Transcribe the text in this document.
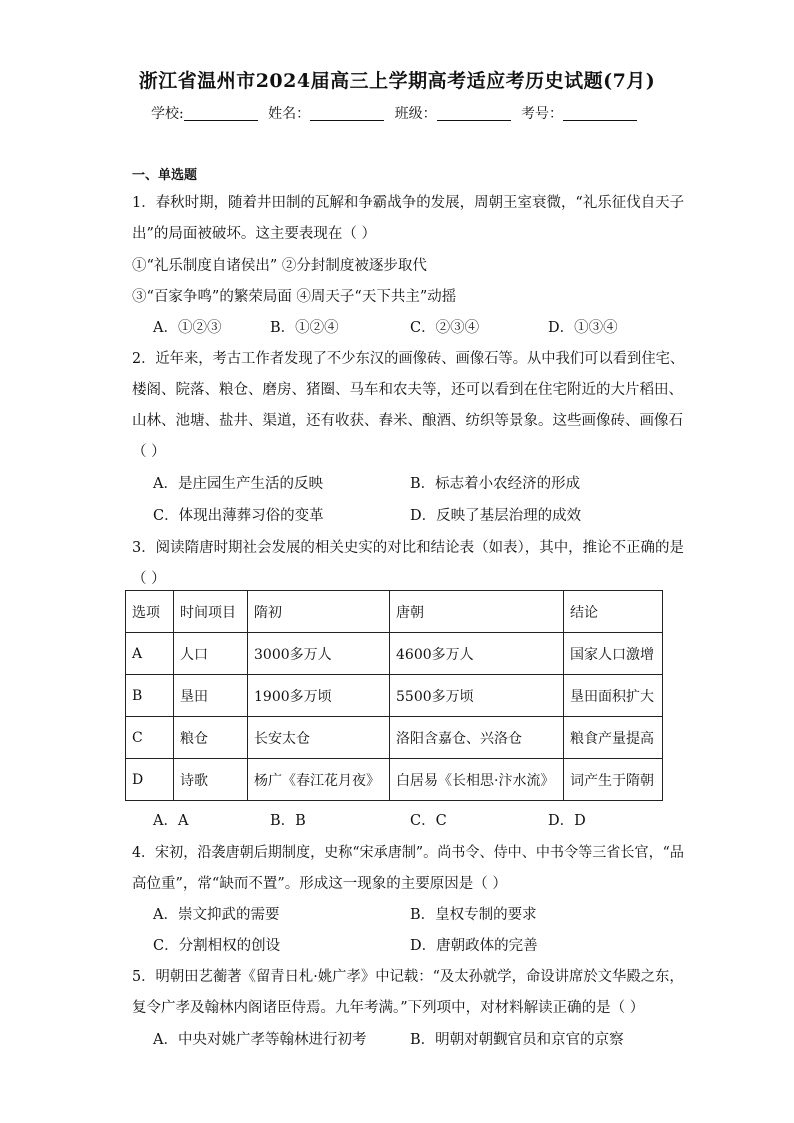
浙江省温州市2024届高三上学期高考适应考历史试题(7月)
学校:	姓名：	班级：	考号：
一、单选题
1．春秋时期，随着井田制的瓦解和争霸战争的发展，周朝王室衰微，“礼乐征伐自天子
出”的局面被破坏。这主要表现在（ ）
①“礼乐制度自诸侯出” ②分封制度被逐步取代
③“百家争鸣”的繁荣局面 ④周天子“天下共主”动摇
A．①②③	B．①②④	C．②③④	D．①③④
2．近年来，考古工作者发现了不少东汉的画像砖、画像石等。从中我们可以看到住宅、
楼阁、院落、粮仓、磨房、猪圈、马车和农夫等，还可以看到在住宅附近的大片稻田、
山林、池塘、盐井、渠道，还有收获、舂米、酿酒、纺织等景象。这些画像砖、画像石
（ ）
A．是庄园生产生活的反映	B．标志着小农经济的形成
C．体现出薄葬习俗的变革	D．反映了基层治理的成效
3．阅读隋唐时期社会发展的相关史实的对比和结论表（如表），其中，推论不正确的是
（ ）
选项	时间项目	隋初	唐朝	结论
A	人口	3000多万人	4600多万人	国家人口激增
B	垦田	1900多万顷	5500多万顷	垦田面积扩大
C	粮仓	长安太仓	洛阳含嘉仓、兴洛仓	粮食产量提高
D	诗歌	杨广《春江花月夜》	白居易《长相思·汴水流》	词产生于隋朝
A．A	B．B	C．C	D．D
4．宋初，沿袭唐朝后期制度，史称“宋承唐制”。尚书令、侍中、中书令等三省长官，“品
高位重”，常“缺而不置”。形成这一现象的主要原因是（ ）
A．崇文抑武的需要	B．皇权专制的要求
C．分割相权的创设	D．唐朝政体的完善
5．明朝田艺蘅著《留青日札·姚广孝》中记载：“及太孙就学，命设讲席於文华殿之东，
复令广孝及翰林内阁诸臣侍焉。九年考满。”下列项中，对材料解读正确的是（ ）
A．中央对姚广孝等翰林进行初考	B．明朝对朝觐官员和京官的京察
